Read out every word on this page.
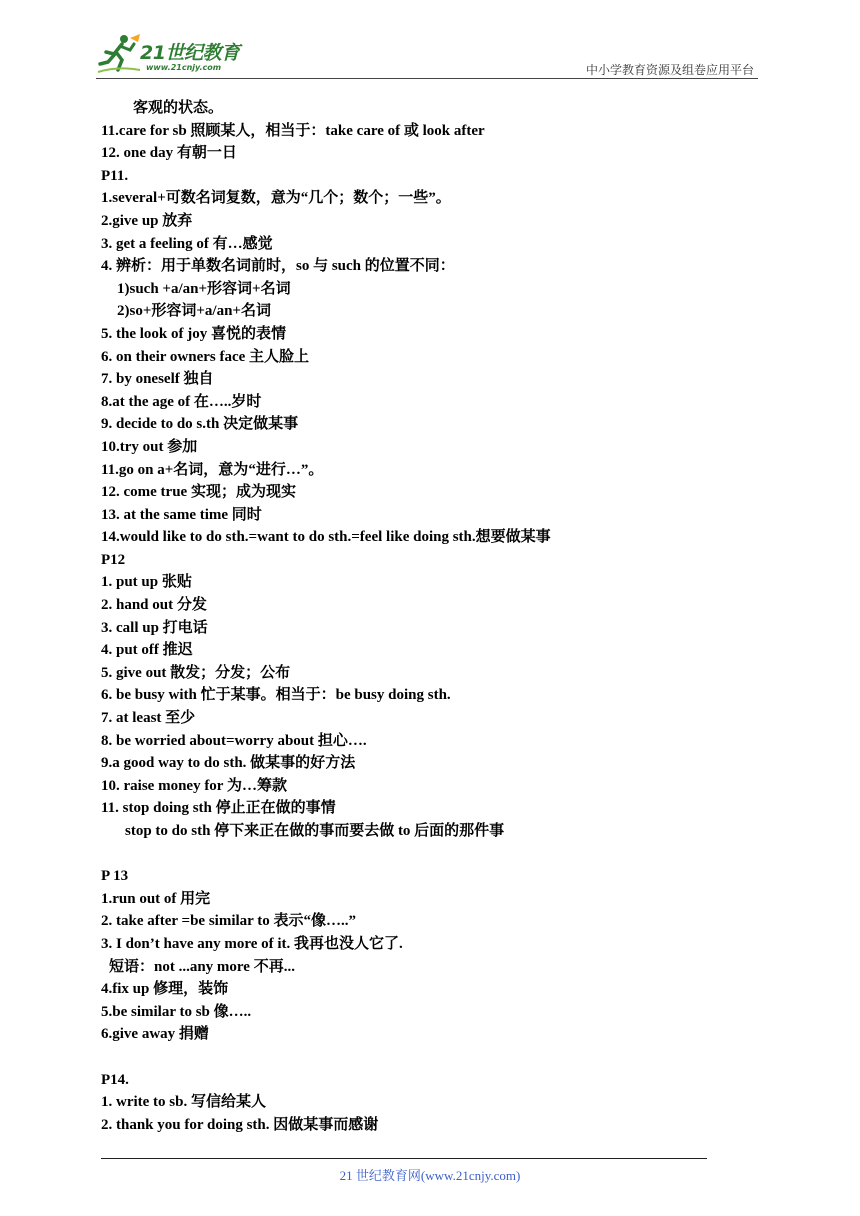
21世纪教育
www.21cnjy.com	中小学教育资源及组卷应用平台
客观的状态。
11.care for sb 照顾某人，相当于：take care of 或 look after
12. one day 有朝一日
P11.
1.several+可数名词复数，意为“几个；数个；一些”。
2.give up 放弃
3. get a feeling of 有…感觉
4. 辨析：用于单数名词前时，so 与 such 的位置不同：
1)such +a/an+形容词+名词
2)so+形容词+a/an+名词
5. the look of joy 喜悦的表情
6. on their owners face 主人脸上
7. by oneself 独自
8.at the age of 在…..岁时
9. decide to do s.th 决定做某事
10.try out 参加
11.go on a+名词，意为“进行…”。
12. come true 实现；成为现实
13. at the same time 同时
14.would like to do sth.=want to do sth.=feel like doing sth.想要做某事
P12
1. put up 张贴
2. hand out 分发
3. call up 打电话
4. put off 推迟
5. give out 散发；分发；公布
6. be busy with 忙于某事。相当于：be busy doing sth.
7. at least 至少
8. be worried about=worry about 担心….
9.a good way to do sth. 做某事的好方法
10. raise money for 为…筹款
11. stop doing sth 停止正在做的事情
stop to do sth 停下来正在做的事而要去做 to 后面的那件事
P 13
1.run out of 用完
2. take after =be similar to 表示“像…..”
3. I don’t have any more of it. 我再也没人它了.
短语：not ...any more 不再...
4.fix up 修理，装饰
5.be similar to sb 像…..
6.give away 捐赠
P14.
1. write to sb. 写信给某人
2. thank you for doing sth. 因做某事而感谢
21 世纪教育网(www.21cnjy.com)
